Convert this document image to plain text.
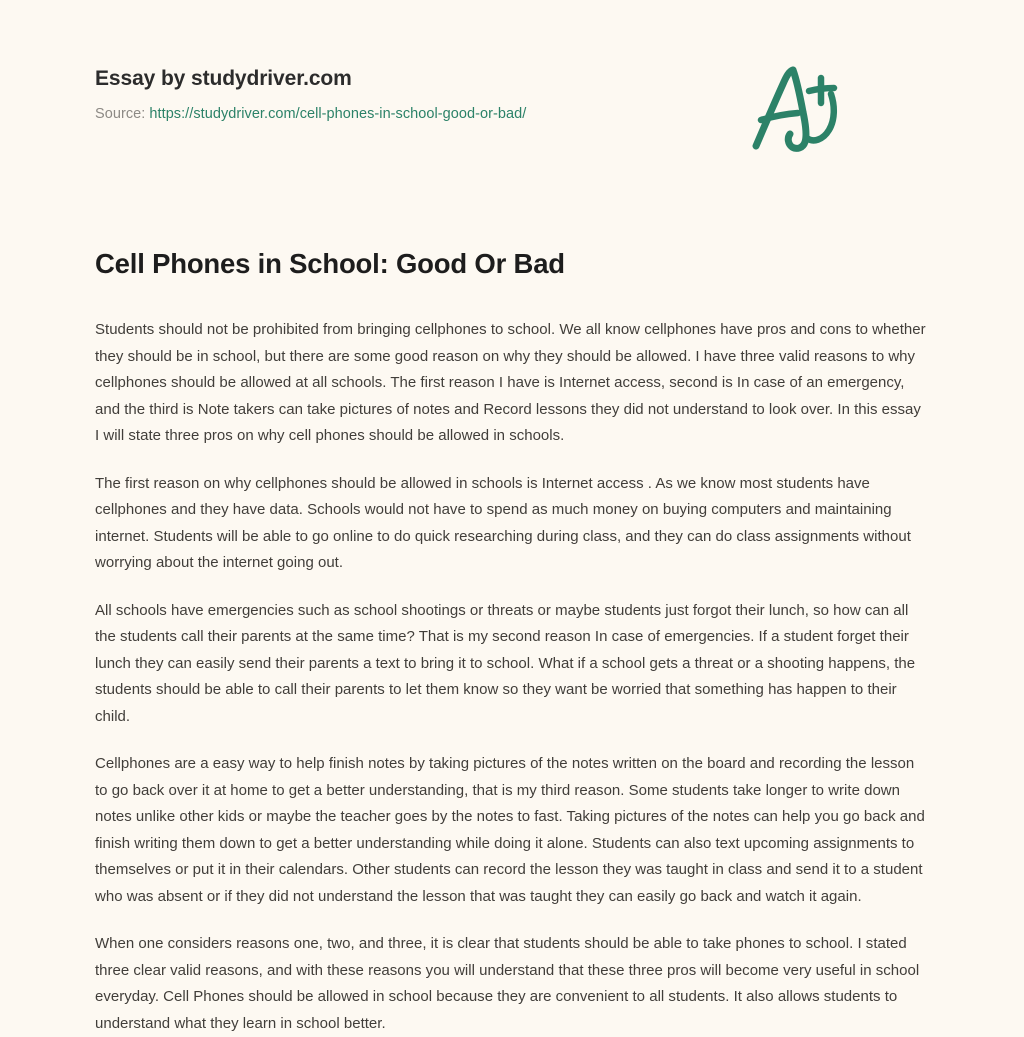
Essay by studydriver.com
Source: https://studydriver.com/cell-phones-in-school-good-or-bad/
Cell Phones in School: Good Or Bad

Students should not be prohibited from bringing cellphones to school. We all know cellphones have pros and cons to whether they should be in school, but there are some good reason on why they should be allowed. I have three valid reasons to why cellphones should be allowed at all schools. The first reason I have is Internet access, second is In case of an emergency, and the third is Note takers can take pictures of notes and Record lessons they did not understand to look over. In this essay I will state three pros on why cell phones should be allowed in schools.

The first reason on why cellphones should be allowed in schools is Internet access . As we know most students have cellphones and they have data. Schools would not have to spend as much money on buying computers and maintaining internet. Students will be able to go online to do quick researching during class, and they can do class assignments without worrying about the internet going out.

All schools have emergencies such as school shootings or threats or maybe students just forgot their lunch, so how can all the students call their parents at the same time? That is my second reason In case of emergencies. If a student forget their lunch they can easily send their parents a text to bring it to school. What if a school gets a threat or a shooting happens, the students should be able to call their parents to let them know so they want be worried that something has happen to their child.

Cellphones are a easy way to help finish notes by taking pictures of the notes written on the board and recording the lesson to go back over it at home to get a better understanding, that is my third reason. Some students take longer to write down notes unlike other kids or maybe the teacher goes by the notes to fast. Taking pictures of the notes can help you go back and finish writing them down to get a better understanding while doing it alone. Students can also text upcoming assignments to themselves or put it in their calendars. Other students can record the lesson they was taught in class and send it to a student who was absent or if they did not understand the lesson that was taught they can easily go back and watch it again.

When one considers reasons one, two, and three, it is clear that students should be able to take phones to school. I stated three clear valid reasons, and with these reasons you will understand that these three pros will become very useful in school everyday. Cell Phones should be allowed in school because they are convenient to all students. It also allows students to understand what they learn in school better.
